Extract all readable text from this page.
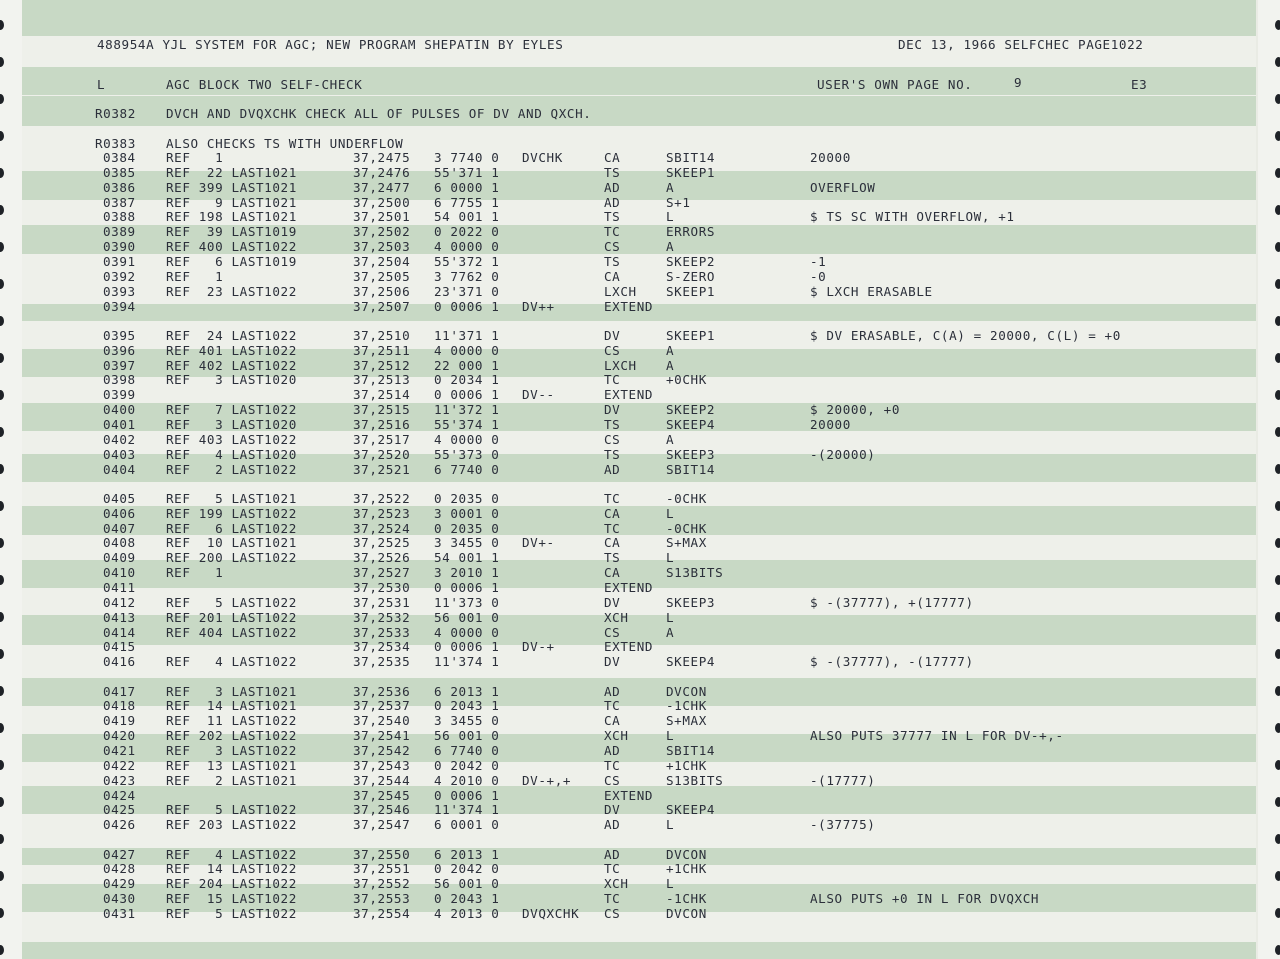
488954A YJL SYSTEM FOR AGC; NEW PROGRAM SHEPATIN BY EYLES	DEC 13, 1966 SELFCHEC PAGE1022
L	AGC BLOCK TWO SELF-CHECK	USER'S OWN PAGE NO.	9	E3
R0382 DVCH AND DVQXCHK CHECK ALL OF PULSES OF DV AND QXCH.
R0383 ALSO CHECKS TS WITH UNDERFLOW
0384 REF   1	37,2475 3 7740 0 DVCHK	CA	SBIT14	20000
0385 REF  22 LAST1021	37,2476 55'371 1	TS	SKEEP1
0386 REF 399 LAST1021	37,2477 6 0000 1	AD	A	OVERFLOW
0387 REF   9 LAST1021	37,2500 6 7755 1	AD	S+1
0388 REF 198 LAST1021	37,2501 54 001 1	TS	L	$ TS SC WITH OVERFLOW, +1
0389 REF  39 LAST1019	37,2502 0 2022 0	TC	ERRORS
0390 REF 400 LAST1022	37,2503 4 0000 0	CS	A
0391 REF   6 LAST1019	37,2504 55'372 1	TS	SKEEP2	-1
0392 REF   1	37,2505 3 7762 0	CA	S-ZERO	-0
0393 REF  23 LAST1022	37,2506 23'371 0	LXCH SKEEP1	$ LXCH ERASABLE
0394	37,2507 0 0006 1 DV++	EXTEND
0395 REF  24 LAST1022	37,2510 11'371 1	DV	SKEEP1	$ DV ERASABLE, C(A) = 20000, C(L) = +0
0396 REF 401 LAST1022	37,2511 4 0000 0	CS	A
0397 REF 402 LAST1022	37,2512 22 000 1	LXCH A
0398 REF   3 LAST1020	37,2513 0 2034 1	TC	+0CHK
0399	37,2514 0 0006 1 DV--	EXTEND
0400 REF   7 LAST1022	37,2515 11'372 1	DV	SKEEP2	$ 20000, +0
0401 REF   3 LAST1020	37,2516 55'374 1	TS	SKEEP4	20000
0402 REF 403 LAST1022	37,2517 4 0000 0	CS	A
0403 REF   4 LAST1020	37,2520 55'373 0	TS	SKEEP3	-(20000)
0404 REF   2 LAST1022	37,2521 6 7740 0	AD	SBIT14
0405 REF   5 LAST1021	37,2522 0 2035 0	TC	-0CHK
0406 REF 199 LAST1022	37,2523 3 0001 0	CA	L
0407 REF   6 LAST1022	37,2524 0 2035 0	TC	-0CHK
0408 REF  10 LAST1021	37,2525 3 3455 0 DV+-	CA	S+MAX
0409 REF 200 LAST1022	37,2526 54 001 1	TS	L
0410 REF   1	37,2527 3 2010 1	CA	S13BITS
0411	37,2530 0 0006 1	EXTEND
0412 REF   5 LAST1022	37,2531 11'373 0	DV	SKEEP3	$ -(37777), +(17777)
0413 REF 201 LAST1022	37,2532 56 001 0	XCH	L
0414 REF 404 LAST1022	37,2533 4 0000 0	CS	A
0415	37,2534 0 0006 1 DV-+	EXTEND
0416 REF   4 LAST1022	37,2535 11'374 1	DV	SKEEP4	$ -(37777), -(17777)
0417 REF   3 LAST1021	37,2536 6 2013 1	AD	DVCON
0418 REF  14 LAST1021	37,2537 0 2043 1	TC	-1CHK
0419 REF  11 LAST1022	37,2540 3 3455 0	CA	S+MAX
0420 REF 202 LAST1022	37,2541 56 001 0	XCH	L	ALSO PUTS 37777 IN L FOR DV-+,-
0421 REF   3 LAST1022	37,2542 6 7740 0	AD	SBIT14
0422 REF  13 LAST1021	37,2543 0 2042 0	TC	+1CHK
0423 REF   2 LAST1021	37,2544 4 2010 0 DV-+,+	CS	S13BITS	-(17777)
0424	37,2545 0 0006 1	EXTEND
0425 REF   5 LAST1022	37,2546 11'374 1	DV	SKEEP4
0426 REF 203 LAST1022	37,2547 6 0001 0	AD	L	-(37775)
0427 REF   4 LAST1022	37,2550 6 2013 1	AD	DVCON
0428 REF  14 LAST1022	37,2551 0 2042 0	TC	+1CHK
0429 REF 204 LAST1022	37,2552 56 001 0	XCH	L
0430 REF  15 LAST1022	37,2553 0 2043 1	TC	-1CHK	ALSO PUTS +0 IN L FOR DVQXCH
0431 REF   5 LAST1022	37,2554 4 2013 0 DVQXCHK CS	DVCON
